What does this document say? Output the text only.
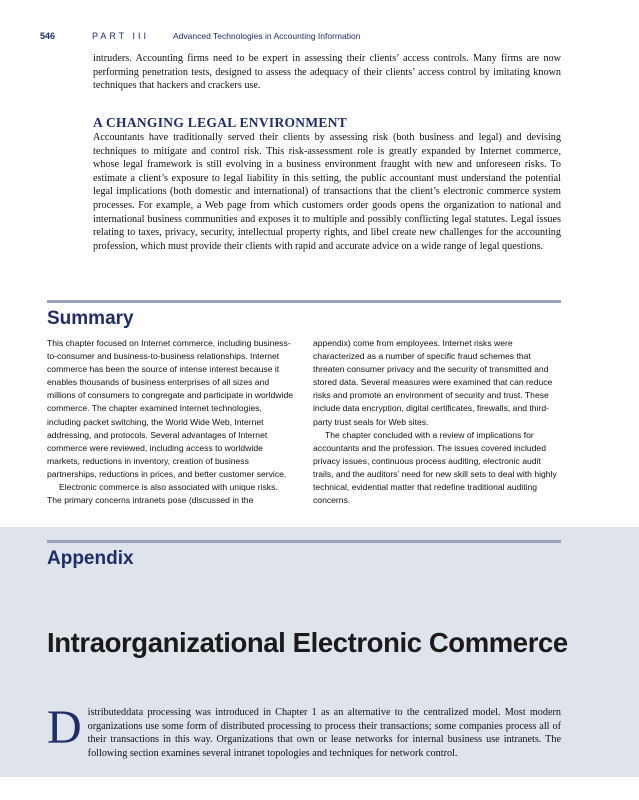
546	PART III	Advanced Technologies in Accounting Information

intruders. Accounting firms need to be expert in assessing their clients’ access controls. Many firms are now performing penetration tests, designed to assess the adequacy of their clients’ access control by imitating known techniques that hackers and crackers use.

A CHANGING LEGAL ENVIRONMENT

Accountants have traditionally served their clients by assessing risk (both business and legal) and devising techniques to mitigate and control risk. This risk-assessment role is greatly expanded by Internet commerce, whose legal framework is still evolving in a business environment fraught with new and unforeseen risks. To estimate a client’s exposure to legal liability in this setting, the public accountant must understand the potential legal implications (both domestic and international) of transactions that the client’s electronic commerce system processes. For example, a Web page from which customers order goods opens the organization to national and international business communities and exposes it to multiple and possibly conflicting legal statutes. Legal issues relating to taxes, privacy, security, intellectual property rights, and libel create new challenges for the accounting profession, which must provide their clients with rapid and accurate advice on a wide range of legal questions.

Summary

This chapter focused on Internet commerce, including business-to-consumer and business-to-business relationships. Internet commerce has been the source of intense interest because it enables thousands of business enterprises of all sizes and millions of consumers to congregate and participate in worldwide commerce. The chapter examined Internet technologies, including packet switching, the World Wide Web, Internet addressing, and protocols. Several advantages of Internet commerce were reviewed, including access to worldwide markets, reductions in inventory, creation of business partnerships, reductions in prices, and better customer service.

Electronic commerce is also associated with unique risks. The primary concerns intranets pose (discussed in the

appendix) come from employees. Internet risks were characterized as a number of specific fraud schemes that threaten consumer privacy and the security of transmitted and stored data. Several measures were examined that can reduce risks and promote an environment of security and trust. These include data encryption, digital certificates, firewalls, and third-party trust seals for Web sites.

The chapter concluded with a review of implications for accountants and the profession. The issues covered included privacy issues, continuous process auditing, electronic audit trails, and the auditors’ need for new skill sets to deal with highly technical, evidential matter that redefine traditional auditing concerns.

Appendix
Intraorganizational Electronic Commerce
D istributeddata processing was introduced in Chapter 1 as an alternative to the centralized model. Most modern organizations use some form of distributed processing to process their transactions; some companies process all of their transactions in this way. Organizations that own or lease networks for internal business use intranets. The following section examines several intranet topologies and techniques for network control.
